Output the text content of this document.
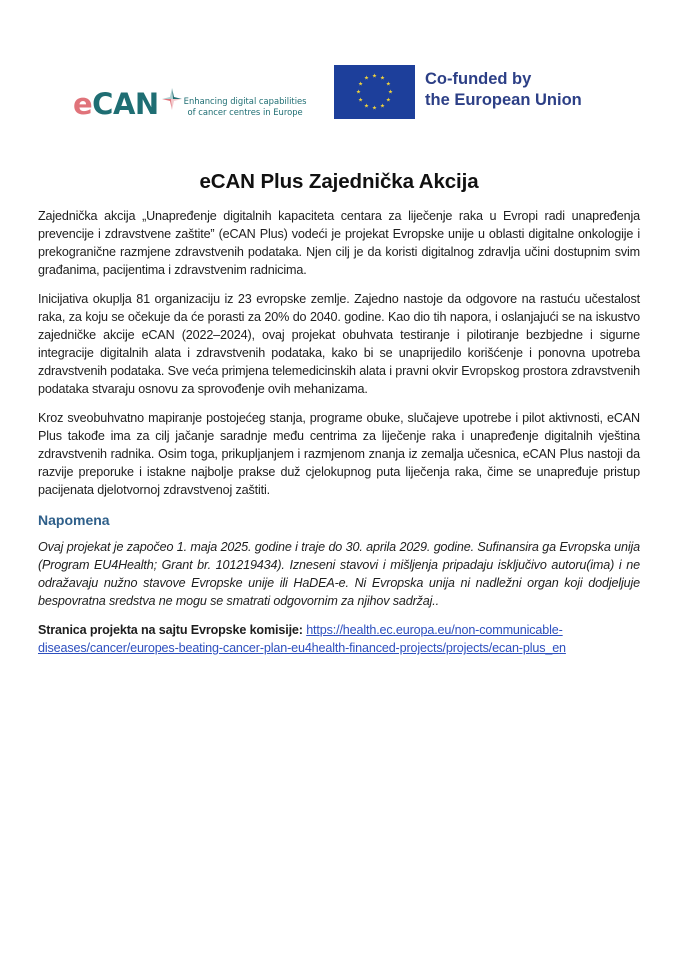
eCAN	Enhancing digital capabilities
of cancer centres in Europe
★ ★
★
★
★
★
★
★
★
★
★
★	Co-funded by
the European Union
eCAN Plus Zajednička Akcija

Zajednička akcija „Unapređenje digitalnih kapaciteta centara za liječenje raka u Evropi radi unapređenja prevencije i zdravstvene zaštite” (eCAN Plus) vodeći je projekat Evropske unije u oblasti digitalne onkologije i prekogranične razmjene zdravstvenih podataka. Njen cilj je da koristi digitalnog zdravlja učini dostupnim svim građanima, pacijentima i zdravstvenim radnicima.

Inicijativa okuplja 81 organizaciju iz 23 evropske zemlje. Zajedno nastoje da odgovore na rastuću učestalost raka, za koju se očekuje da će porasti za 20% do 2040. godine. Kao dio tih napora, i oslanjajući se na iskustvo zajedničke akcije eCAN (2022–2024), ovaj projekat obuhvata testiranje i pilotiranje bezbjedne i sigurne integracije digitalnih alata i zdravstvenih podataka, kako bi se unaprijedilo korišćenje i ponovna upotreba zdravstvenih podataka. Sve veća primjena telemedicinskih alata i pravni okvir Evropskog prostora zdravstvenih podataka stvaraju osnovu za sprovođenje ovih mehanizama.

Kroz sveobuhvatno mapiranje postojećeg stanja, programe obuke, slučajeve upotrebe i pilot aktivnosti, eCAN Plus takođe ima za cilj jačanje saradnje među centrima za liječenje raka i unapređenje digitalnih vještina zdravstvenih radnika. Osim toga, prikupljanjem i razmjenom znanja iz zemalja učesnica, eCAN Plus nastoji da razvije preporuke i istakne najbolje prakse duž cjelokupnog puta liječenja raka, čime se unapređuje pristup pacijenata djelotvornoj zdravstvenoj zaštiti.

Napomena

Ovaj projekat je započeo 1. maja 2025. godine i traje do 30. aprila 2029. godine. Sufinansira ga Evropska unija (Program EU4Health; Grant br. 101219434). Izneseni stavovi i mišljenja pripadaju isključivo autoru(ima) i ne odražavaju nužno stavove Evropske unije ili HaDEA-e. Ni Evropska unija ni nadležni organ koji dodjeljuje bespovratna sredstva ne mogu se smatrati odgovornim za njihov sadržaj..

Stranica projekta na sajtu Evropske komisije: https://health.ec.europa.eu/non-communicable-diseases/cancer/europes-beating-cancer-plan-eu4health-financed-projects/projects/ecan-plus_en
